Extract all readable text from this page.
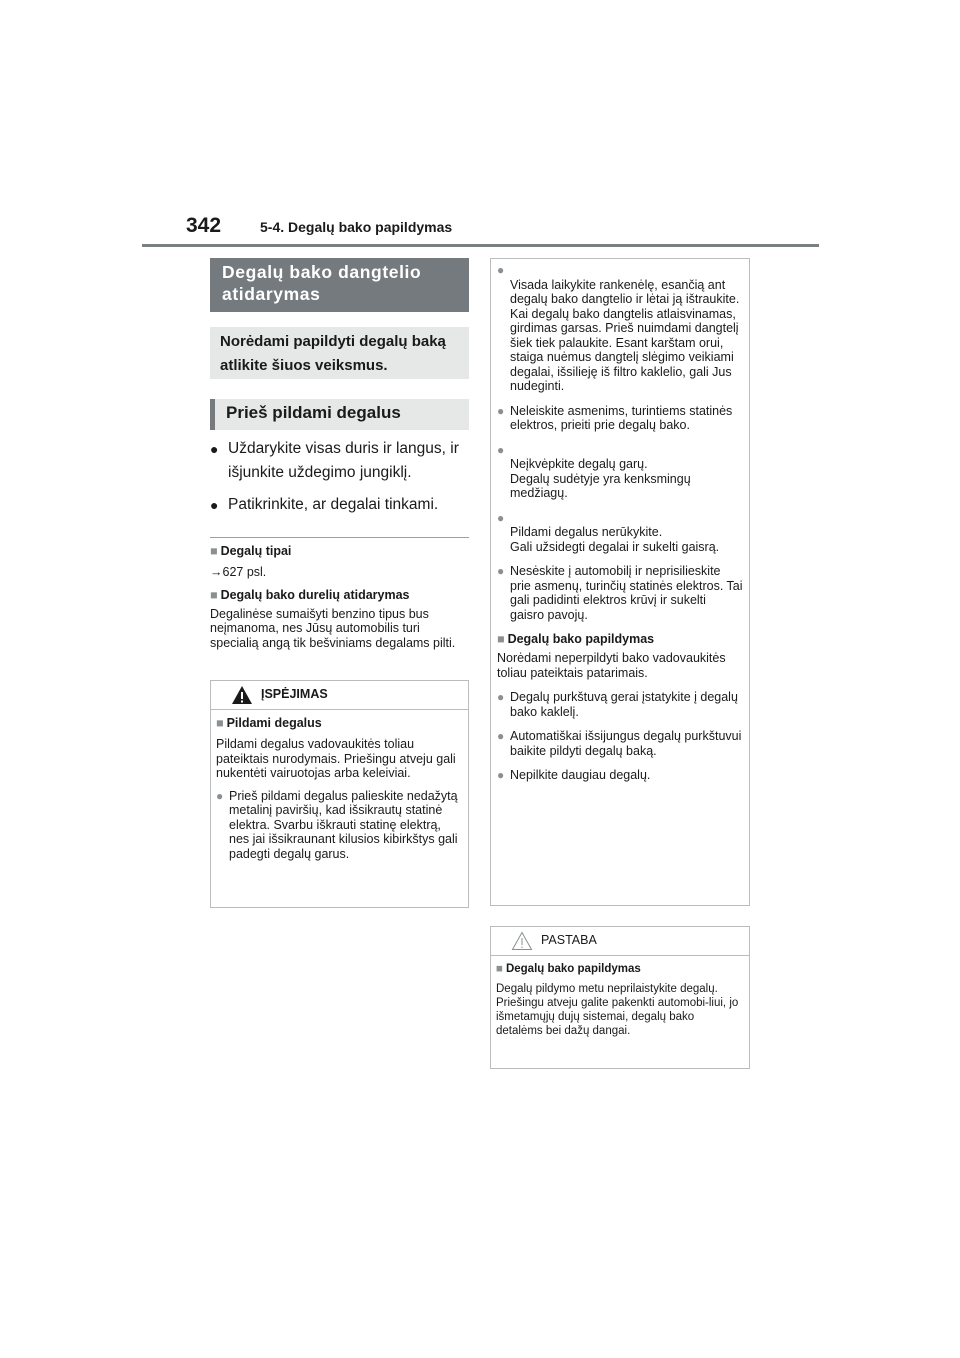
342	5-4. Degalų bako papildymas
Degalų bako dangtelio atidarymas
Norėdami papildyti degalų baką atlikite šiuos veiksmus.
Prieš pildami degalus
● Uždarykite visas duris ir langus, ir išjunkite uždegimo jungiklį.
● Patikrinkite, ar degalai tinkami.
■ Degalų tipai
→627 psl.
■ Degalų bako durelių atidarymas
Degalinėse sumaišyti benzino tipus bus neįmanoma, nes Jūsų automobilis turi specialią angą tik bešviniams degalams pilti.
ĮSPĖJIMAS
■ Pildami degalus
Pildami degalus vadovaukitės toliau pateiktais nurodymais. Priešingu atveju gali nukentėti vairuotojas arba keleiviai.
● Prieš pildami degalus palieskite nedažytą metalinį paviršių, kad išsikrautų statinė elektra. Svarbu iškrauti statinę elektrą, nes jai išsikraunant kilusios kibirkštys gali padegti degalų garus.

●
Visada laikykite rankenėlę, esančią ant degalų bako dangtelio ir lėtai ją ištraukite.
Kai degalų bako dangtelis atlaisvinamas, girdimas garsas. Prieš nuimdami dangtelį šiek tiek palaukite. Esant karštam orui, staiga nuėmus dangtelį slėgimo veikiami degalai, išsilieję iš filtro kaklelio, gali Jus nudeginti.

● Neleiskite asmenims, turintiems statinės elektros, prieiti prie degalų bako.

●
Neįkvėpkite degalų garų.
Degalų sudėtyje yra kenksmingų medžiagų.

●
Pildami degalus nerūkykite.
Gali užsidegti degalai ir sukelti gaisrą.

● Nesėskite į automobilį ir neprisilieskite prie asmenų, turinčių statinės elektros. Tai gali padidinti elektros krūvį ir sukelti gaisro pavojų.
■ Degalų bako papildymas
Norėdami neperpildyti bako vadovaukitės toliau pateiktais patarimais.
● Degalų purkštuvą gerai įstatykite į degalų bako kaklelį.
● Automatiškai išsijungus degalų purkštuvui baikite pildyti degalų baką.
● Nepilkite daugiau degalų.
PASTABA
■ Degalų bako papildymas
Degalų pildymo metu neprilaistykite degalų.
Priešingu atveju galite pakenkti automobi-liui, jo išmetamųjų dujų sistemai, degalų bako detalėms bei dažų dangai.
